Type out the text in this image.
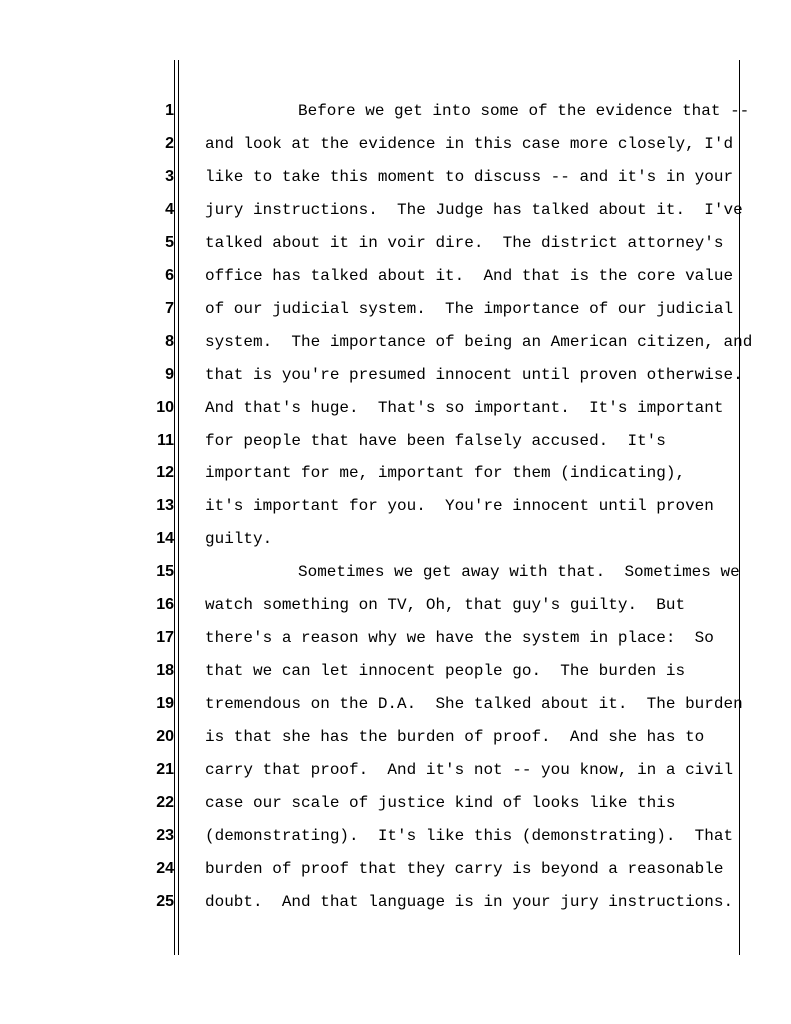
1	Before we get into some of the evidence that --
2 and look at the evidence in this case more closely, I'd
3 like to take this moment to discuss -- and it's in your
4 jury instructions.  The Judge has talked about it.  I've
5 talked about it in voir dire.  The district attorney's
6 office has talked about it.  And that is the core value
7 of our judicial system.  The importance of our judicial
8 system.  The importance of being an American citizen, and
9 that is you're presumed innocent until proven otherwise.
10 And that's huge.  That's so important.  It's important
11 for people that have been falsely accused.  It's
12 important for me, important for them (indicating),
13 it's important for you.  You're innocent until proven
14 guilty.
15	Sometimes we get away with that.  Sometimes we
16 watch something on TV, Oh, that guy's guilty.  But
17 there's a reason why we have the system in place:  So
18 that we can let innocent people go.  The burden is
19 tremendous on the D.A.  She talked about it.  The burden
20 is that she has the burden of proof.  And she has to
21 carry that proof.  And it's not -- you know, in a civil
22 case our scale of justice kind of looks like this
23 (demonstrating).  It's like this (demonstrating).  That
24 burden of proof that they carry is beyond a reasonable
25 doubt.  And that language is in your jury instructions.
